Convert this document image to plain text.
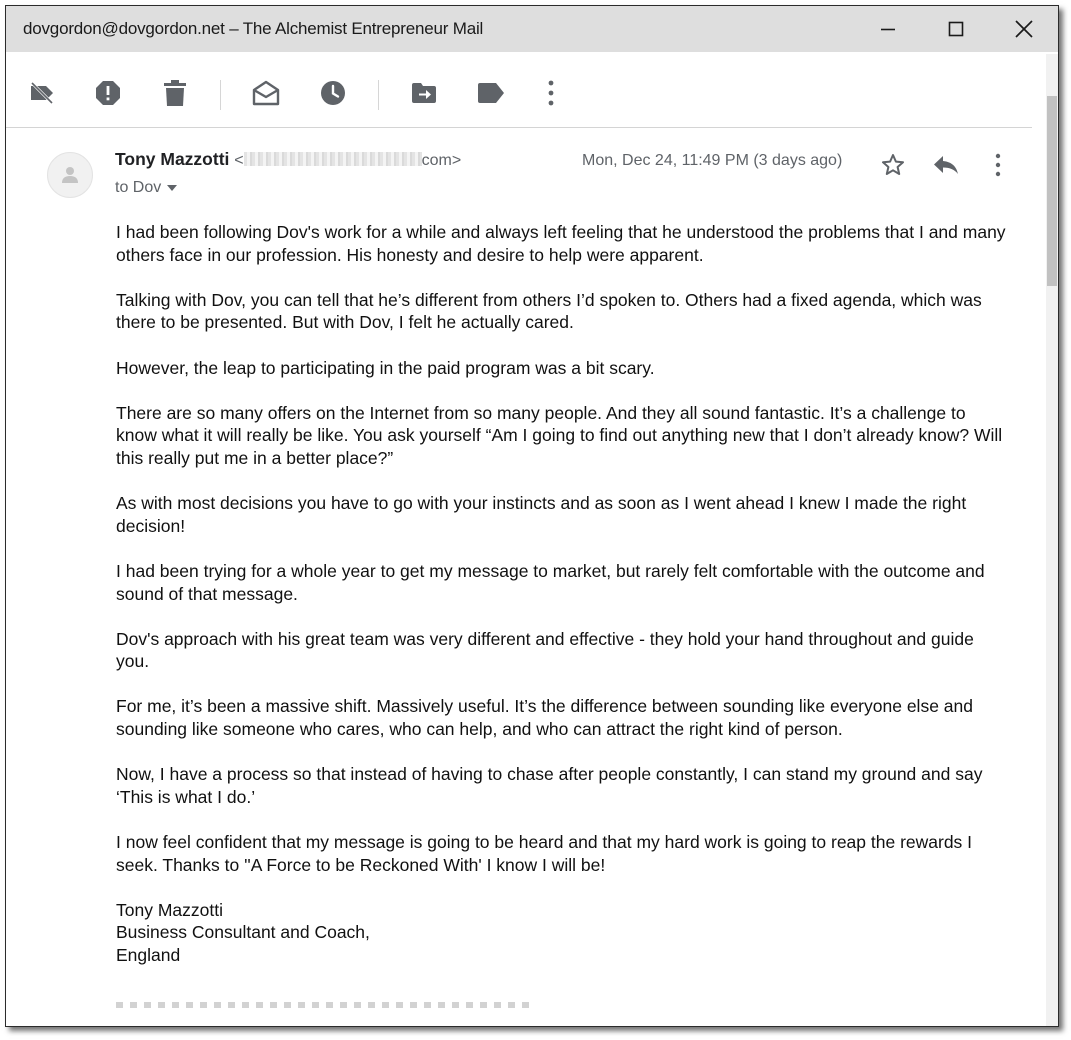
dovgordon@dovgordon.net – The Alchemist Entrepreneur Mail
Tony Mazzotti <	com>
to Dov
Mon, Dec 24, 11:49 PM (3 days ago)

I had been following Dov's work for a while and always left feeling that he understood the problems that I and many others face in our profession. His honesty and desire to help were apparent.

Talking with Dov, you can tell that he’s different from others I’d spoken to. Others had a fixed agenda, which was there to be presented. But with Dov, I felt he actually cared.

However, the leap to participating in the paid program was a bit scary.

There are so many offers on the Internet from so many people. And they all sound fantastic. It’s a challenge to know what it will really be like. You ask yourself “Am I going to find out anything new that I don’t already know? Will this really put me in a better place?”

As with most decisions you have to go with your instincts and as soon as I went ahead I knew I made the right decision!

I had been trying for a whole year to get my message to market, but rarely felt comfortable with the outcome and sound of that message.

Dov's approach with his great team was very different and effective - they hold your hand throughout and guide you.

For me, it’s been a massive shift. Massively useful. It’s the difference between sounding like everyone else and sounding like someone who cares, who can help, and who can attract the right kind of person.

Now, I have a process so that instead of having to chase after people constantly, I can stand my ground and say ‘This is what I do.’

I now feel confident that my message is going to be heard and that my hard work is going to reap the rewards I seek. Thanks to ''A Force to be Reckoned With' I know I will be!

Tony Mazzotti

Business Consultant and Coach,

England
